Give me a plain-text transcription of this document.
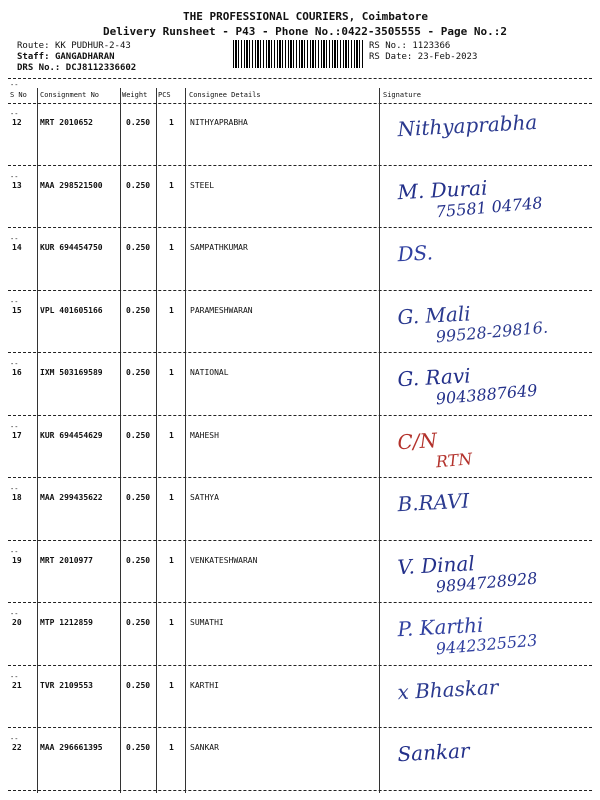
THE PROFESSIONAL COURIERS, Coimbatore
Delivery Runsheet - P43 - Phone No.:0422-3505555 - Page No.:2
Route: KK PUDHUR-2-43
Staff: GANGADHARAN
DRS No.: DCJ8112336602
RS No.: 1123366
RS Date: 23-Feb-2023
--
S No Consignment No	Weight PCS	Consignee Details	Signature
--
12 MRT 2010652	0.250 1 NITHYAPRABHA	Nithyaprabha
--
13 MAA 298521500	0.250 1 STEEL	M. Durai
75581 04748
--
14 KUR 694454750	0.250 1 SAMPATHKUMAR	DS.
--
15 VPL 401605166	0.250 1 PARAMESHWARAN	G. Mali
99528-29816.
--
16 IXM 503169589	0.250 1 NATIONAL	G. Ravi
9043887649
--
17 KUR 694454629	0.250 1 MAHESH	C/N
RTN
--
18 MAA 299435622	0.250 1 SATHYA	B.RAVI
--
19 MRT 2010977	0.250 1 VENKATESHWARAN	V. Dinal
9894728928
--
20 MTP 1212859	0.250 1 SUMATHI	P. Karthi
9442325523
--
21 TVR 2109553	0.250 1 KARTHI	x Bhaskar
--
22 MAA 296661395	0.250 1 SANKAR	Sankar
